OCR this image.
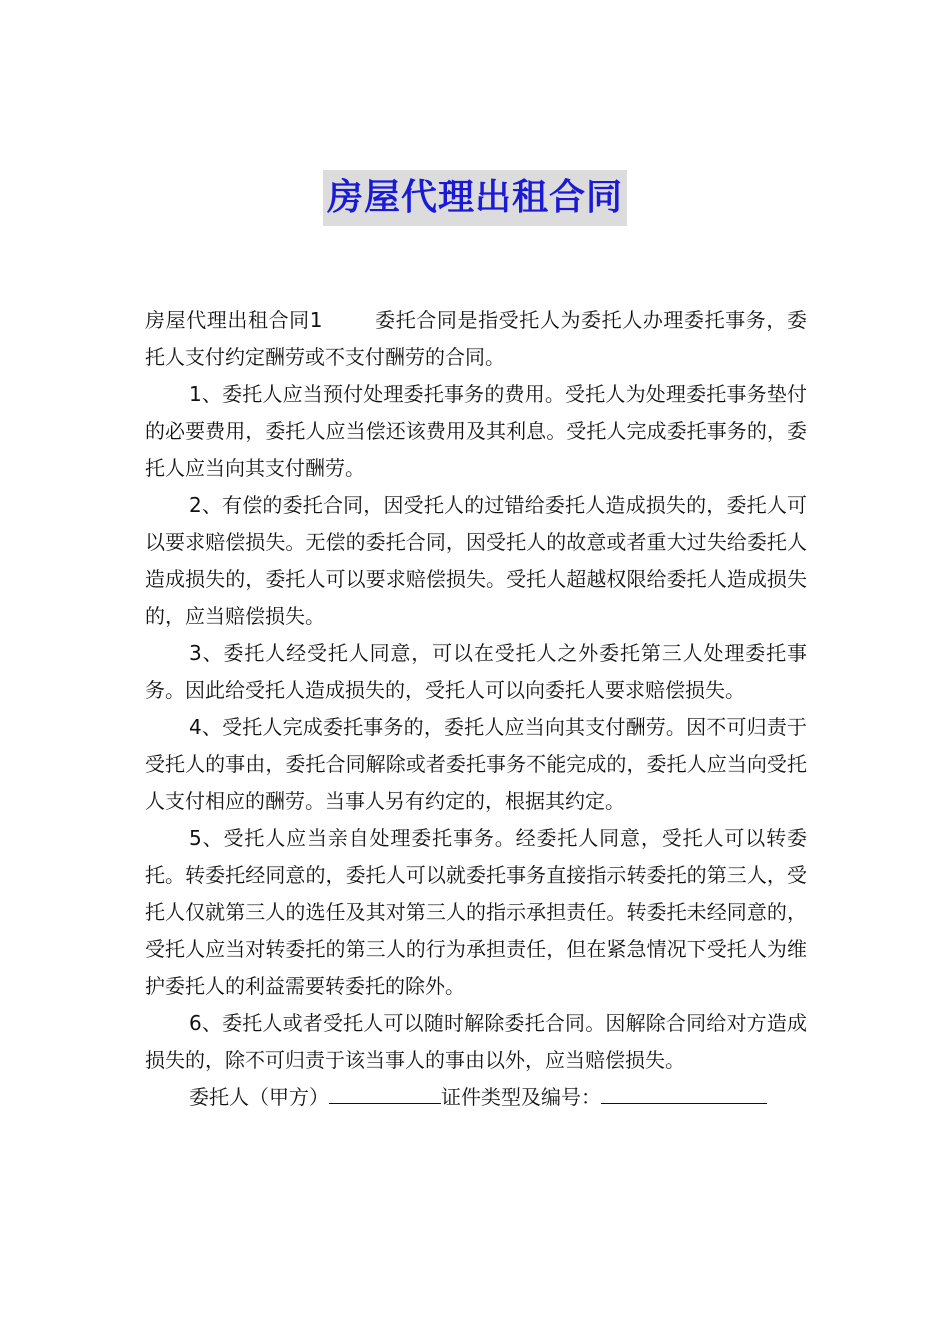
房屋代理出租合同

房屋代理出租合同1	委托合同是指受托人为委托人办理委托事务，委托人支付约定酬劳或不支付酬劳的合同。

1、委托人应当预付处理委托事务的费用。受托人为处理委托事务垫付的必要费用，委托人应当偿还该费用及其利息。受托人完成委托事务的，委托人应当向其支付酬劳。

2、有偿的委托合同，因受托人的过错给委托人造成损失的，委托人可以要求赔偿损失。无偿的委托合同，因受托人的故意或者重大过失给委托人造成损失的，委托人可以要求赔偿损失。受托人超越权限给委托人造成损失的，应当赔偿损失。

3、委托人经受托人同意，可以在受托人之外委托第三人处理委托事务。因此给受托人造成损失的，受托人可以向委托人要求赔偿损失。

4、受托人完成委托事务的，委托人应当向其支付酬劳。因不可归责于受托人的事由，委托合同解除或者委托事务不能完成的，委托人应当向受托人支付相应的酬劳。当事人另有约定的，根据其约定。

5、受托人应当亲自处理委托事务。经委托人同意，受托人可以转委托。转委托经同意的，委托人可以就委托事务直接指示转委托的第三人，受托人仅就第三人的选任及其对第三人的指示承担责任。转委托未经同意的，受托人应当对转委托的第三人的行为承担责任，但在紧急情况下受托人为维护委托人的利益需要转委托的除外。

6、委托人或者受托人可以随时解除委托合同。因解除合同给对方造成损失的，除不可归责于该当事人的事由以外，应当赔偿损失。

委托人（甲方）	证件类型及编号：
